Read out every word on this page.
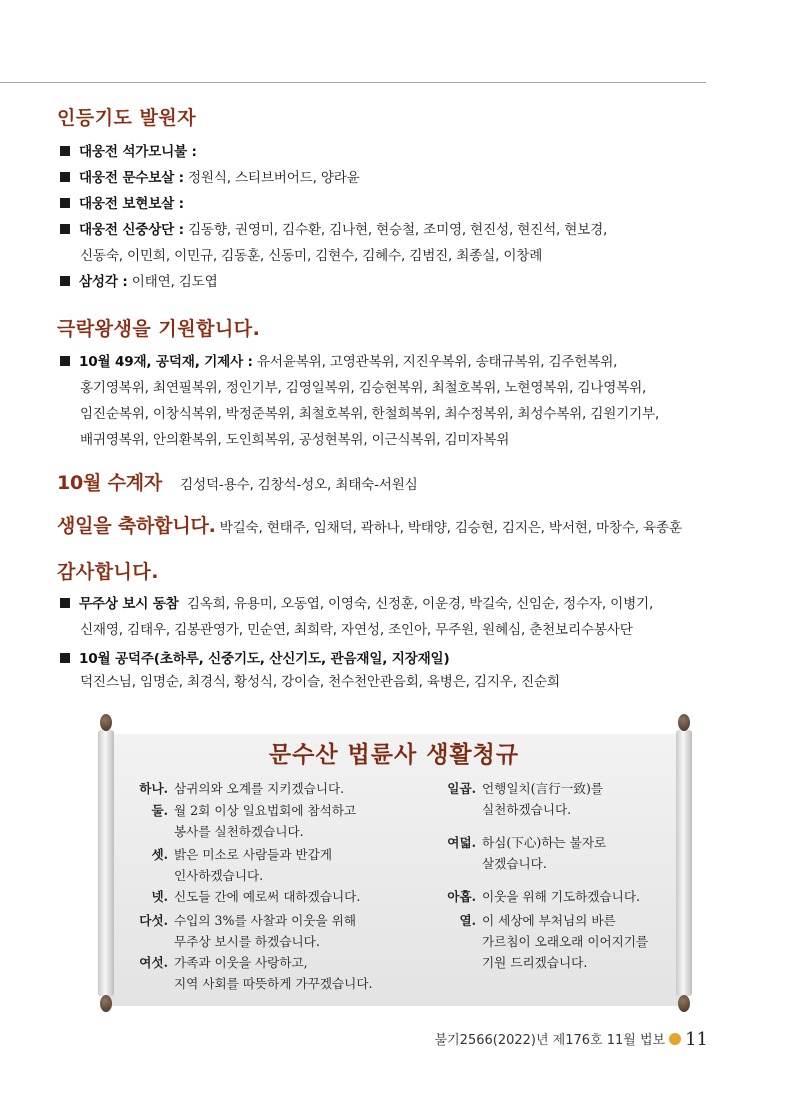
인등기도 발원자
대웅전 석가모니불 :
대웅전 문수보살 : 정원식, 스티브버어드, 양라윤
대웅전 보현보살 :
대웅전 신중상단 : 김동향, 권영미, 김수환, 김나현, 현승철, 조미영, 현진성, 현진석, 현보경,
신동숙, 이민희, 이민규, 김동훈, 신동미, 김현수, 김혜수, 김범진, 최종실, 이창례
삼성각 : 이태연, 김도엽
극락왕생을 기원합니다.
10월 49재, 공덕재, 기제사 : 유서윤복위, 고영관복위, 지진우복위, 송태규복위, 김주헌복위,
홍기영복위, 최연필복위, 정인기부, 김영일복위, 김승현복위, 최철호복위, 노현영복위, 김나영복위,
임진순복위, 이창식복위, 박정준복위, 최철호복위, 한철희복위, 최수정복위, 최성수복위, 김원기기부,
배귀영복위, 안의환복위, 도인희복위, 공성현복위, 이근식복위, 김미자복위
10월 수계자 김성덕-용수, 김창석-성오, 최태숙-서원심
생일을 축하합니다. 박길숙, 현태주, 임채덕, 곽하나, 박태양, 김승현, 김지은, 박서현, 마창수, 육종훈
감사합니다.
무주상 보시 동참 김옥희, 유용미, 오동엽, 이영숙, 신정훈, 이운경, 박길숙, 신임순, 정수자, 이병기,
신재영, 김태우, 김봉관영가, 민순연, 최희락, 자연성, 조인아, 무주원, 원혜심, 춘천보리수봉사단
10월 공덕주(초하루, 신중기도, 산신기도, 관음재일, 지장재일)
덕진스님, 임명순, 최경식, 황성식, 강이슬, 천수천안관음회, 육병은, 김지우, 진순희
문수산 법륜사 생활청규
하나. 삼귀의와 오계를 지키겠습니다.
둘. 월 2회 이상 일요법회에 참석하고
봉사를 실천하겠습니다.
셋. 밝은 미소로 사람들과 반갑게
인사하겠습니다.
넷. 신도들 간에 예로써 대하겠습니다.
다섯. 수입의 3%를 사찰과 이웃을 위해
무주상 보시를 하겠습니다.
여섯. 가족과 이웃을 사랑하고,
지역 사회를 따뜻하게 가꾸겠습니다.
일곱. 언행일치(言行一致)를
실천하겠습니다.
여덟. 하심(下心)하는 불자로
살겠습니다.
아홉. 이웃을 위해 기도하겠습니다.
열. 이 세상에 부처님의 바른
가르침이 오래오래 이어지기를
기원 드리겠습니다.
불기2566(2022)년 제176호 11월 법보 11
